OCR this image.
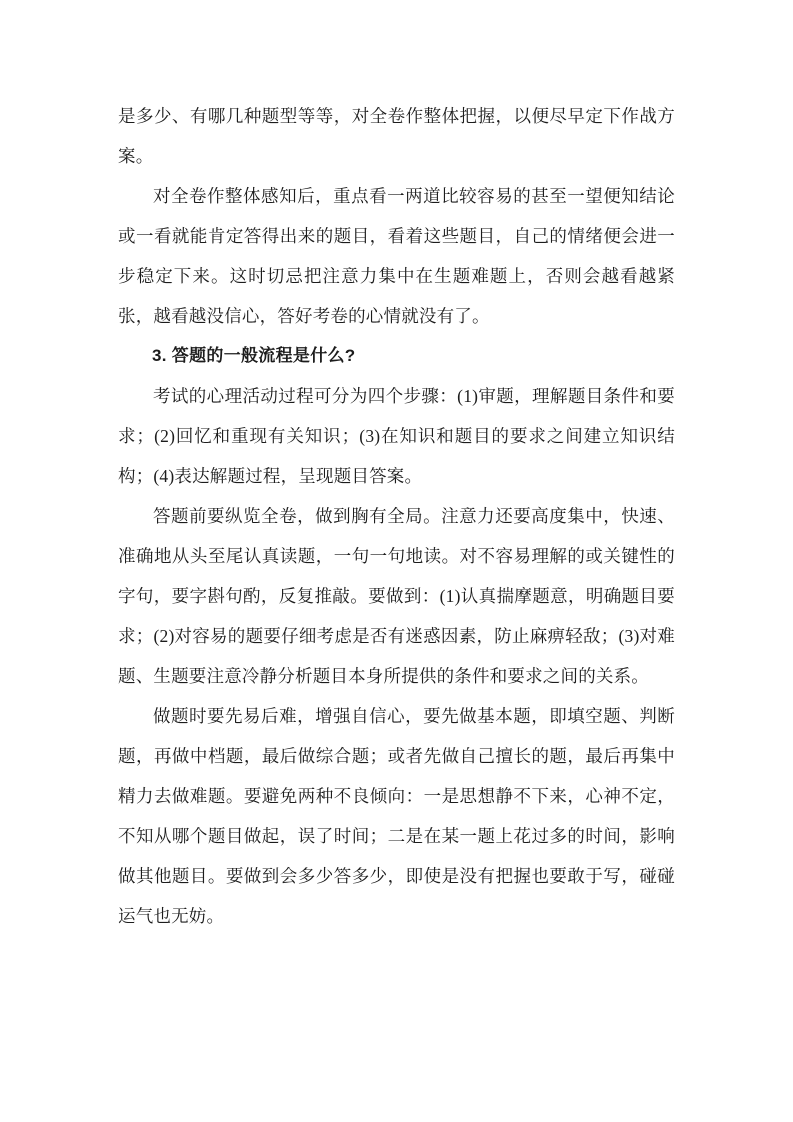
是多少、有哪几种题型等等，对全卷作整体把握，以便尽早定下作战方案。

对全卷作整体感知后，重点看一两道比较容易的甚至一望便知结论或一看就能肯定答得出来的题目，看着这些题目，自己的情绪便会进一步稳定下来。这时切忌把注意力集中在生题难题上，否则会越看越紧张，越看越没信心，答好考卷的心情就没有了。

3. 答题的一般流程是什么?

考试的心理活动过程可分为四个步骤：(1)审题，理解题目条件和要求；(2)回忆和重现有关知识；(3)在知识和题目的要求之间建立知识结构；(4)表达解题过程，呈现题目答案。

答题前要纵览全卷，做到胸有全局。注意力还要高度集中，快速、准确地从头至尾认真读题，一句一句地读。对不容易理解的或关键性的字句，要字斟句酌，反复推敲。要做到：(1)认真揣摩题意，明确题目要求；(2)对容易的题要仔细考虑是否有迷惑因素，防止麻痹轻敌；(3)对难题、生题要注意冷静分析题目本身所提供的条件和要求之间的关系。

做题时要先易后难，增强自信心，要先做基本题，即填空题、判断题，再做中档题，最后做综合题；或者先做自己擅长的题，最后再集中精力去做难题。要避免两种不良倾向：一是思想静不下来，心神不定，不知从哪个题目做起，误了时间；二是在某一题上花过多的时间，影响做其他题目。要做到会多少答多少，即使是没有把握也要敢于写，碰碰运气也无妨。
